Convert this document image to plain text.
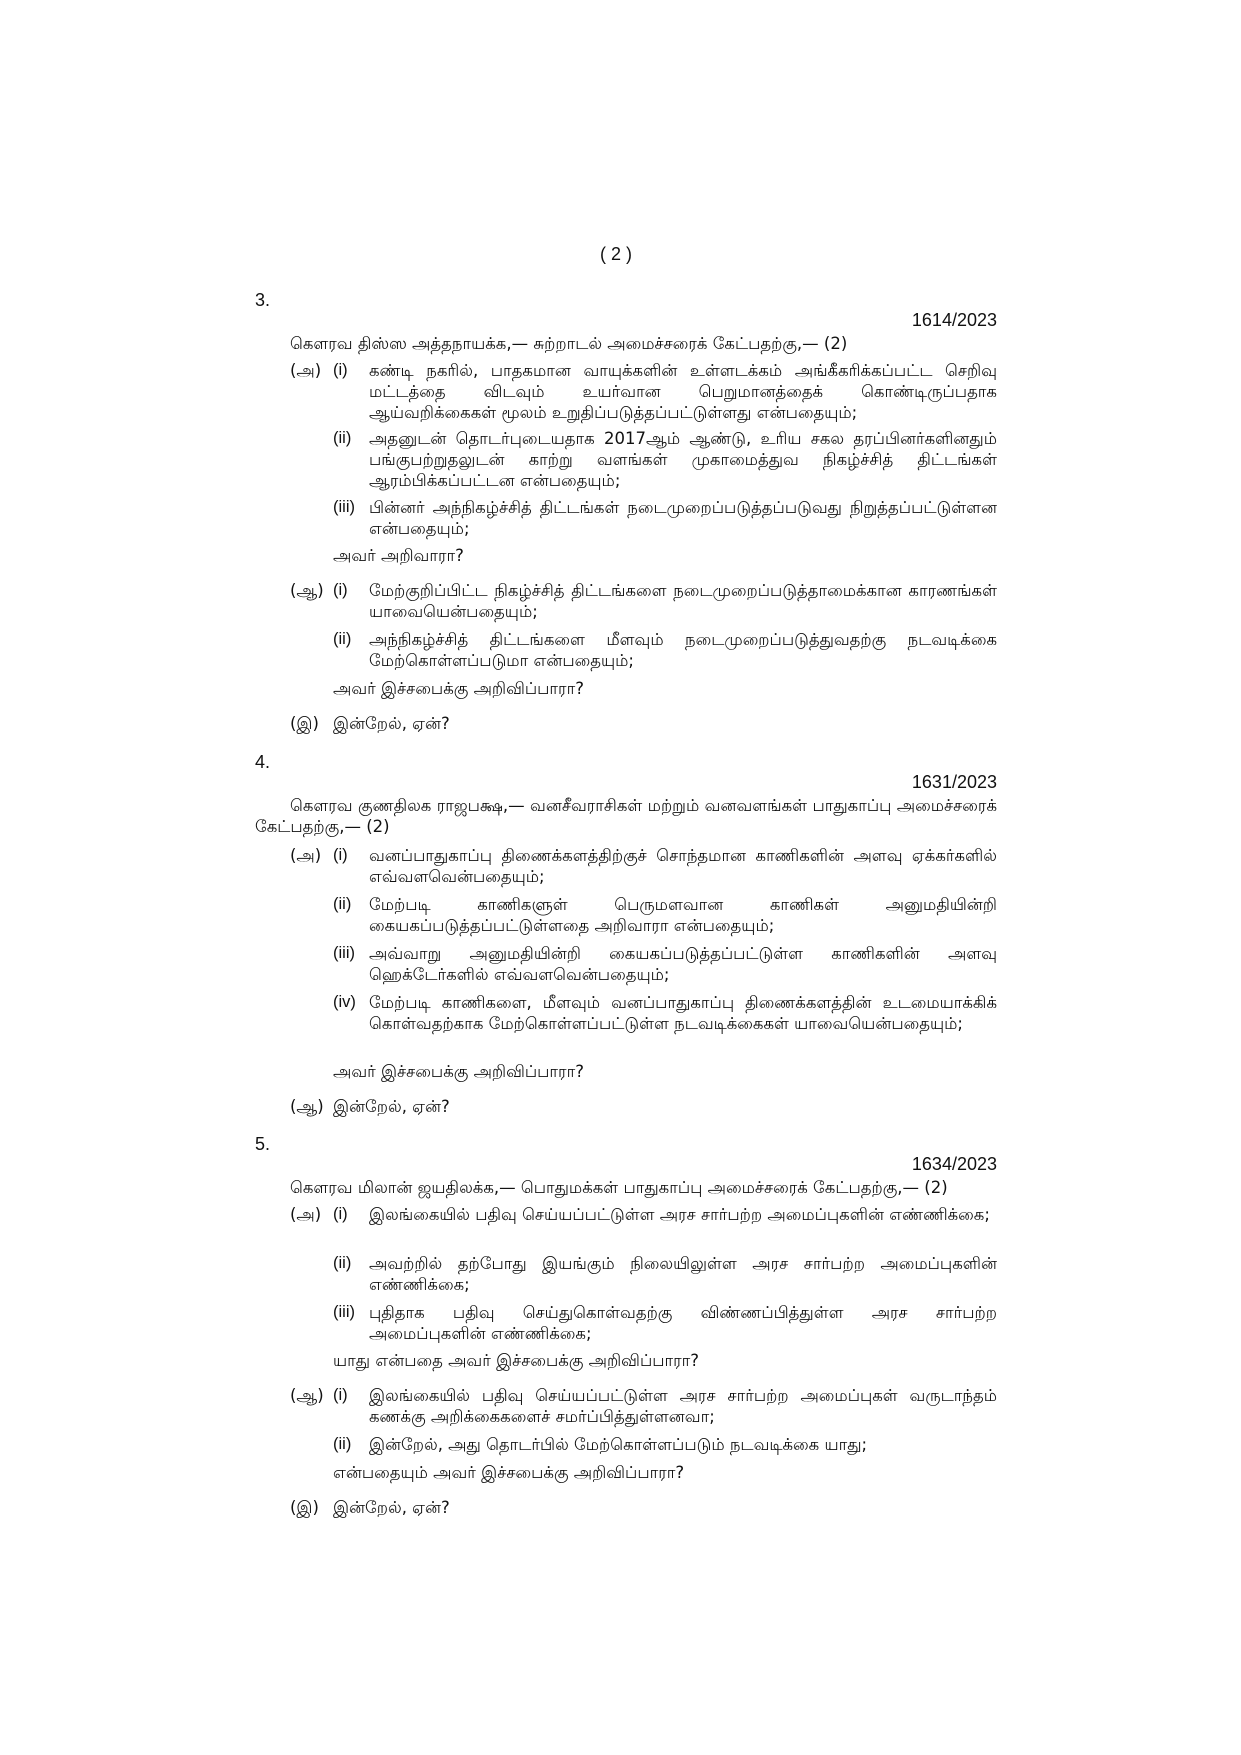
( 2 )
3.
1614/2023
கௌரவ திஸ்ஸ அத்தநாயக்க,— சுற்றாடல் அமைச்சரைக் கேட்பதற்கு,— (2)
(அ) (i) கண்டி நகரில், பாதகமான வாயுக்களின் உள்ளடக்கம் அங்கீகரிக்கப்பட்ட செறிவு மட்டத்தை விடவும் உயர்வான பெறுமானத்தைக் கொண்டிருப்பதாக ஆய்வறிக்கைகள் மூலம் உறுதிப்படுத்தப்பட்டுள்ளது என்பதையும்;
(ii) அதனுடன் தொடர்புடையதாக 2017ஆம் ஆண்டு, உரிய சகல தரப்பினர்களினதும் பங்குபற்றுதலுடன் காற்று வளங்கள் முகாமைத்துவ நிகழ்ச்சித் திட்டங்கள் ஆரம்பிக்கப்பட்டன என்பதையும்;
(iii) பின்னர் அந்நிகழ்ச்சித் திட்டங்கள் நடைமுறைப்படுத்தப்படுவது நிறுத்தப்பட்டுள்ளன என்பதையும்;
அவர் அறிவாரா?
(ஆ) (i) மேற்குறிப்பிட்ட நிகழ்ச்சித் திட்டங்களை நடைமுறைப்படுத்தாமைக்கான காரணங்கள் யாவையென்பதையும்;
(ii) அந்நிகழ்ச்சித் திட்டங்களை மீளவும் நடைமுறைப்படுத்துவதற்கு நடவடிக்கை மேற்கொள்ளப்படுமா என்பதையும்;
அவர் இச்சபைக்கு அறிவிப்பாரா?
(இ) இன்றேல், ஏன்?
4.
1631/2023
கௌரவ குணதிலக ராஜபக்ஷ,— வனசீவராசிகள் மற்றும் வனவளங்கள் பாதுகாப்பு அமைச்சரைக் கேட்பதற்கு,— (2)
(அ) (i) வனப்பாதுகாப்பு திணைக்களத்திற்குச் சொந்தமான காணிகளின் அளவு ஏக்கர்களில் எவ்வளவென்பதையும்;
(ii) மேற்படி காணிகளுள் பெருமளவான காணிகள் அனுமதியின்றி கையகப்படுத்தப்பட்டுள்ளதை அறிவாரா என்பதையும்;
(iii) அவ்வாறு அனுமதியின்றி கையகப்படுத்தப்பட்டுள்ள காணிகளின் அளவு ஹெக்டேர்களில் எவ்வளவென்பதையும்;
(iv) மேற்படி காணிகளை, மீளவும் வனப்பாதுகாப்பு திணைக்களத்தின் உடமையாக்கிக் கொள்வதற்காக மேற்கொள்ளப்பட்டுள்ள நடவடிக்கைகள் யாவையென்பதையும்;
அவர் இச்சபைக்கு அறிவிப்பாரா?
(ஆ) இன்றேல், ஏன்?
5.
1634/2023
கௌரவ மிலான் ஜயதிலக்க,— பொதுமக்கள் பாதுகாப்பு அமைச்சரைக் கேட்பதற்கு,— (2)
(அ) (i) இலங்கையில் பதிவு செய்யப்பட்டுள்ள அரச சார்பற்ற அமைப்புகளின் எண்ணிக்கை;
(ii) அவற்றில் தற்போது இயங்கும் நிலையிலுள்ள அரச சார்பற்ற அமைப்புகளின் எண்ணிக்கை;
(iii) புதிதாக பதிவு செய்துகொள்வதற்கு விண்ணப்பித்துள்ள அரச சார்பற்ற அமைப்புகளின் எண்ணிக்கை;
யாது என்பதை அவர் இச்சபைக்கு அறிவிப்பாரா?
(ஆ) (i) இலங்கையில் பதிவு செய்யப்பட்டுள்ள அரச சார்பற்ற அமைப்புகள் வருடாந்தம் கணக்கு அறிக்கைகளைச் சமர்ப்பித்துள்ளனவா;
(ii) இன்றேல், அது தொடர்பில் மேற்கொள்ளப்படும் நடவடிக்கை யாது;
என்பதையும் அவர் இச்சபைக்கு அறிவிப்பாரா?
(இ) இன்றேல், ஏன்?
